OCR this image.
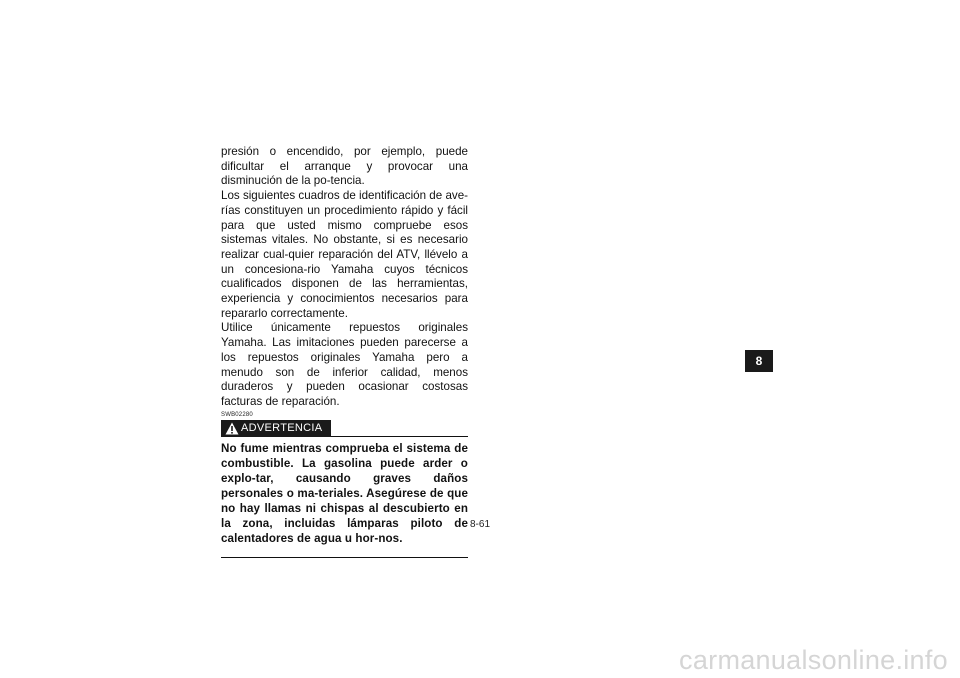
presión o encendido, por ejemplo, puede dificultar el arranque y provocar una disminución de la po-tencia.

Los siguientes cuadros de identificación de ave-rías constituyen un procedimiento rápido y fácil para que usted mismo compruebe esos sistemas vitales. No obstante, si es necesario realizar cual-quier reparación del ATV, llévelo a un concesiona-rio Yamaha cuyos técnicos cualificados disponen de las herramientas, experiencia y conocimientos necesarios para repararlo correctamente.

Utilice únicamente repuestos originales Yamaha. Las imitaciones pueden parecerse a los repuestos originales Yamaha pero a menudo son de inferior calidad, menos duraderos y pueden ocasionar costosas facturas de reparación.

SWB02280
ADVERTENCIA

No fume mientras comprueba el sistema de combustible. La gasolina puede arder o explo-tar, causando graves daños personales o ma-teriales. Asegúrese de que no hay llamas ni chispas al descubierto en la zona, incluidas lámparas piloto de calentadores de agua u hor-nos.

8
8-61
carmanualsonline.info
